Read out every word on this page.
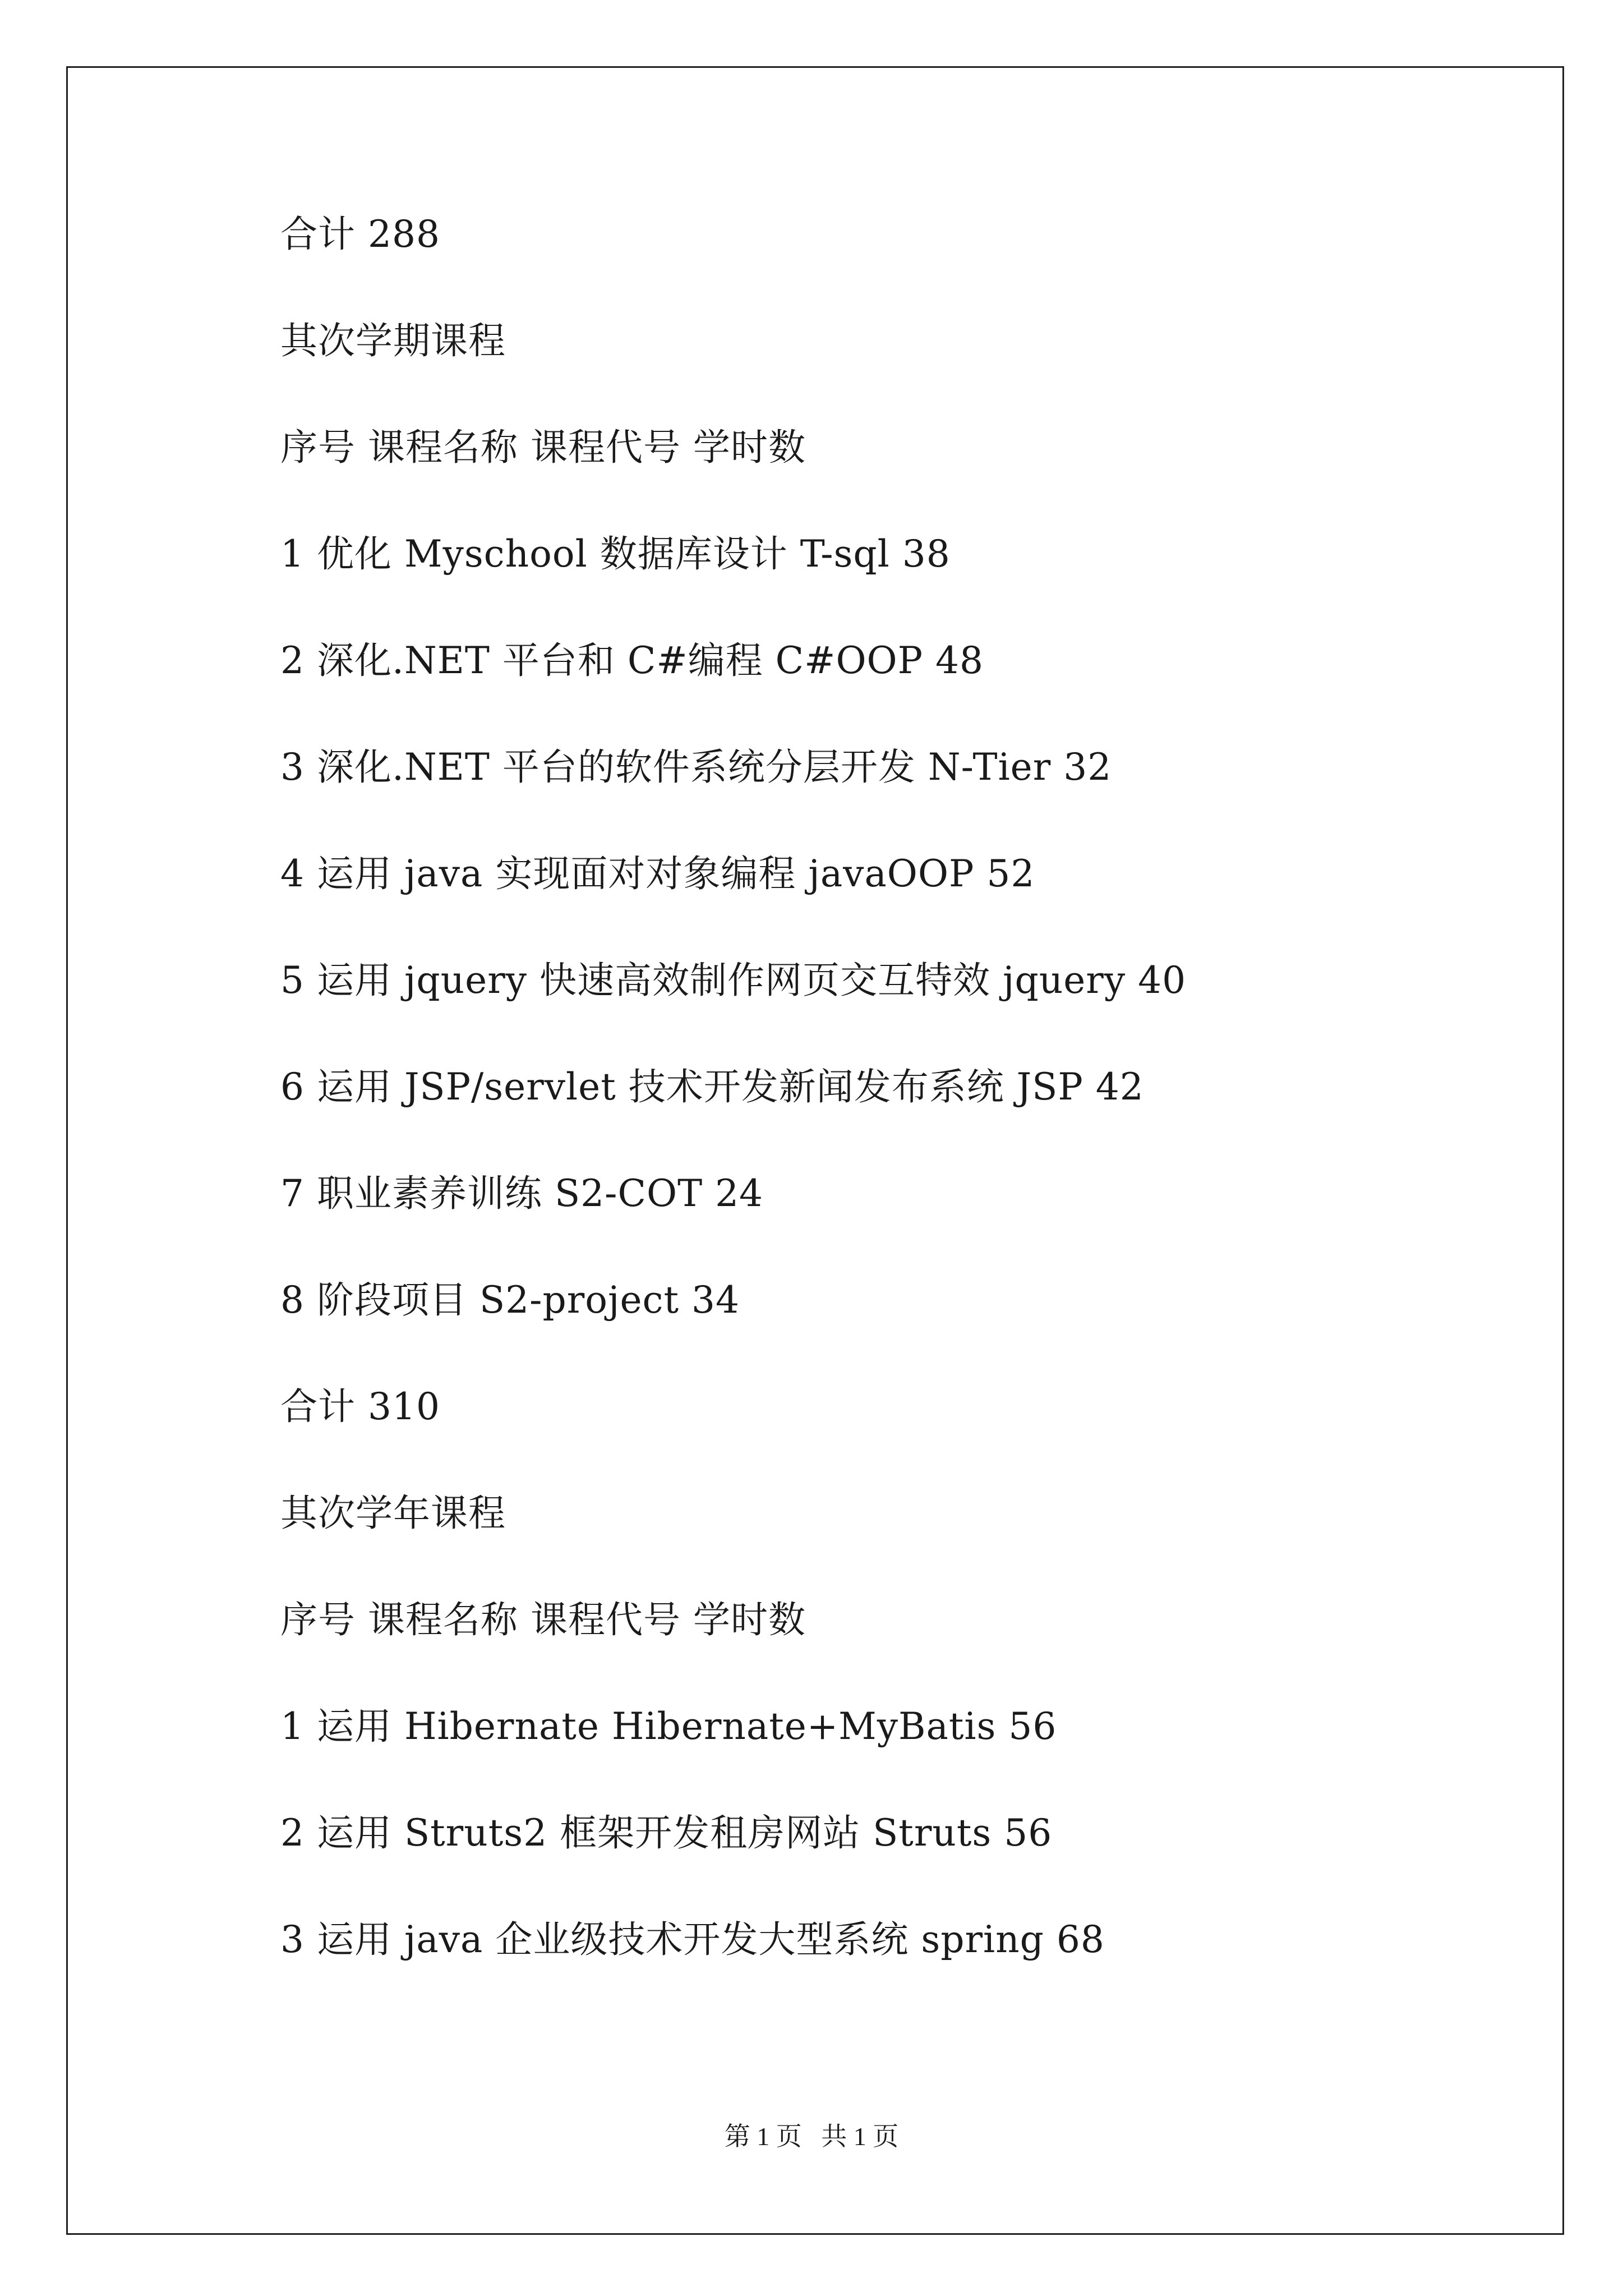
合计 288
其次学期课程
序号 课程名称 课程代号 学时数
1 优化 Myschool 数据库设计 T-sql 38
2 深化.NET 平台和 C#编程 C#OOP 48
3 深化.NET 平台的软件系统分层开发 N-Tier 32
4 运用 java 实现面对对象编程 javaOOP 52
5 运用 jquery 快速高效制作网页交互特效 jquery 40
6 运用 JSP/servlet 技术开发新闻发布系统 JSP 42
7 职业素养训练 S2-COT 24
8 阶段项目 S2-project 34
合计 310
其次学年课程
序号 课程名称 课程代号 学时数
1 运用 Hibernate Hibernate+MyBatis 56
2 运用 Struts2 框架开发租房网站 Struts 56
3 运用 java 企业级技术开发大型系统 spring 68
第 1 页   共 1 页
